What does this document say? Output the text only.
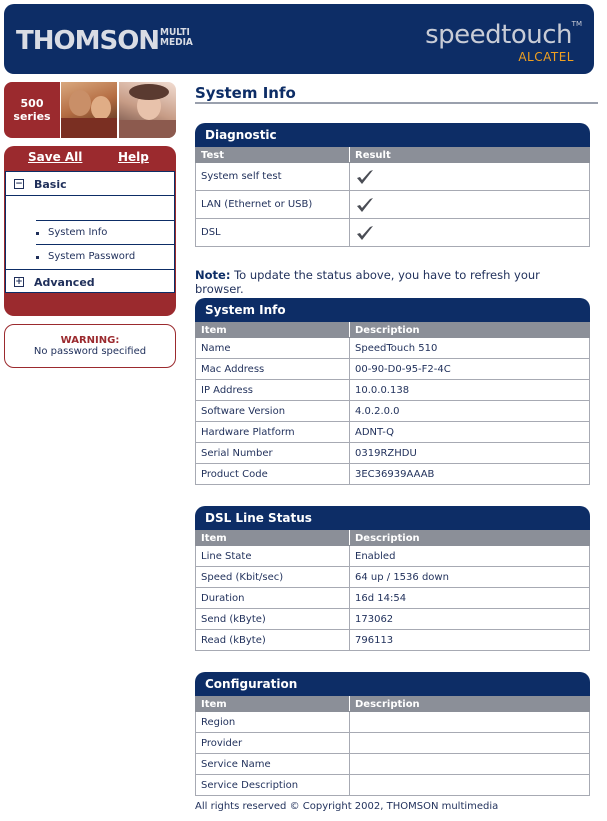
THOMSON MULTI
MEDIA	speedtouch TM
ALCATEL
500
series
Save All	Help
− Basic
System Info
System Password
+ Advanced
WARNING:
No password specified
System Info
Diagnostic
Test	Result
System self test	
LAN (Ethernet or USB)	
DSL	
Note: To update the status above, you have to refresh your browser.
System Info
Item	Description
Name	SpeedTouch 510
Mac Address	00-90-D0-95-F2-4C
IP Address	10.0.0.138
Software Version	4.0.2.0.0
Hardware Platform	ADNT-Q
Serial Number	0319RZHDU
Product Code	3EC36939AAAB
DSL Line Status
Item	Description
Line State	Enabled
Speed (Kbit/sec)	64 up / 1536 down
Duration	16d 14:54
Send (kByte)	173062
Read (kByte)	796113
Configuration
Item	Description
Region	
Provider	
Service Name	
Service Description	
All rights reserved © Copyright 2002, THOMSON multimedia
